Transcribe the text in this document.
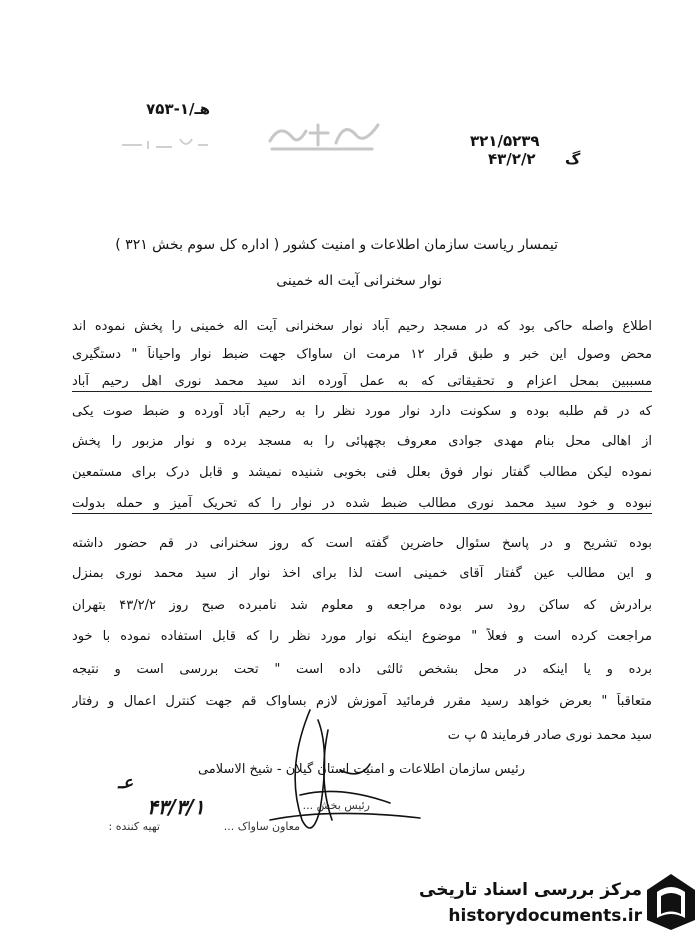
۷۵۳-۱/هـ
۳۲۱/۵۲۳۹
۴۳/۲/۲ گ
تیمسار ریاست سازمان اطلاعات و امنیت کشور ( اداره کل سوم بخش ۳۲۱ )
نوار سخنرانی آیت اله خمینی
اطلاع واصله حاکی بود که در مسجد رحیم آباد نوار سخنرانی آیت اله خمینی را پخش نموده اند
محض وصول این خبر و طبق قرار ۱۲ مرمت ان ساواک جهت ضبط نوار واحیاناً " دستگیری
مسببین بمحل اعزام و تحقیقاتی که به عمل آورده اند سید محمد نوری اهل رحیم آباد
که در قم طلبه بوده و سکونت دارد نوار مورد نظر را به رحیم آباد آورده و ضبط صوت یکی
از اهالی محل بنام مهدی جوادی معروف بچهپائی را به مسجد برده و نوار مزبور را پخش
نموده لیکن مطالب گفتار نوار فوق بعلل فنی بخوبی شنیده نمیشد و قابل درک برای مستمعین
نبوده و خود سید محمد نوری مطالب ضبط شده در نوار را که تحریک آمیز و حمله بدولت
بوده تشریح و در پاسخ سئوال حاضرین گفته است که روز سخنرانی در قم حضور داشته
و این مطالب عین گفتار آقای خمینی است لذا برای اخذ نوار از سید محمد نوری بمنزل
برادرش که ساکن رود سر بوده مراجعه و معلوم شد نامبرده صبح روز ۴۳/۲/۲ بتهران
مراجعت کرده است و فعلاً " موضوع اینکه نوار مورد نظر را که قابل استفاده نموده با خود
برده و یا اینکه در محل بشخص ثالثی داده است " تحت بررسی است و نتیجه
متعاقباً " بعرض خواهد رسید مقرر فرمائید آموزش لازم بساواک قم جهت کنترل اعمال و رفتار
سید محمد نوری صادر فرمایند ۵ پ ت
رئیس سازمان اطلاعات و امنیت استان گیلان - شیخ الاسلامی
رئیس بخش ...
معاون ساواک ...
تهیه کننده :
عـ
۴۳/۳/۱
مرکز بررسی اسناد تاریخی
historydocuments.ir
